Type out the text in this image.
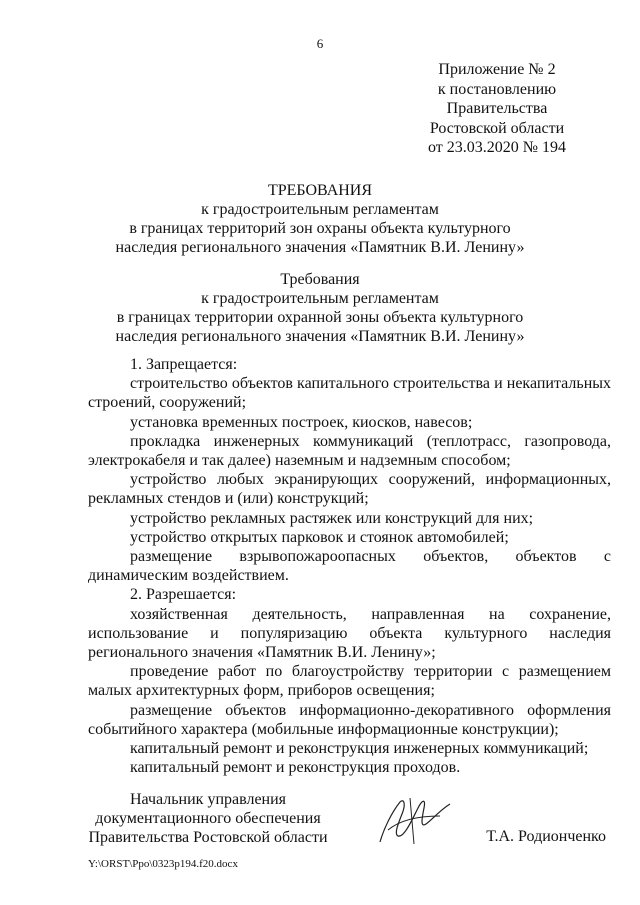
6
Приложение № 2
к постановлению
Правительства
Ростовской области
от 23.03.2020 № 194
ТРЕБОВАНИЯ
к градостроительным регламентам
в границах территорий зон охраны объекта культурного
наследия регионального значения «Памятник В.И. Ленину»
Требования
к градостроительным регламентам
в границах территории охранной зоны объекта культурного
наследия регионального значения «Памятник В.И. Ленину»

1. Запрещается:

строительство объектов капитального строительства и некапитальных строений, сооружений;

установка временных построек, киосков, навесов;

прокладка инженерных коммуникаций (теплотрасс, газопровода, электрокабеля и так далее) наземным и надземным способом;

устройство любых экранирующих сооружений, информационных, рекламных стендов и (или) конструкций;

устройство рекламных растяжек или конструкций для них;

устройство открытых парковок и стоянок автомобилей;

размещение взрывопожароопасных объектов, объектов с динамическим воздействием.

2. Разрешается:

хозяйственная деятельность, направленная на сохранение, использование и популяризацию объекта культурного наследия регионального значения «Памятник В.И. Ленину»;

проведение работ по благоустройству территории с размещением малых архитектурных форм, приборов освещения;

размещение объектов информационно-декоративного оформления событийного характера (мобильные информационные конструкции);

капитальный ремонт и реконструкция инженерных коммуникаций;

капитальный ремонт и реконструкция проходов.

Начальник управления
документационного обеспечения
Правительства Ростовской области	Т.А. Родионченко
Y:\ORST\Ppo\0323p194.f20.docx
